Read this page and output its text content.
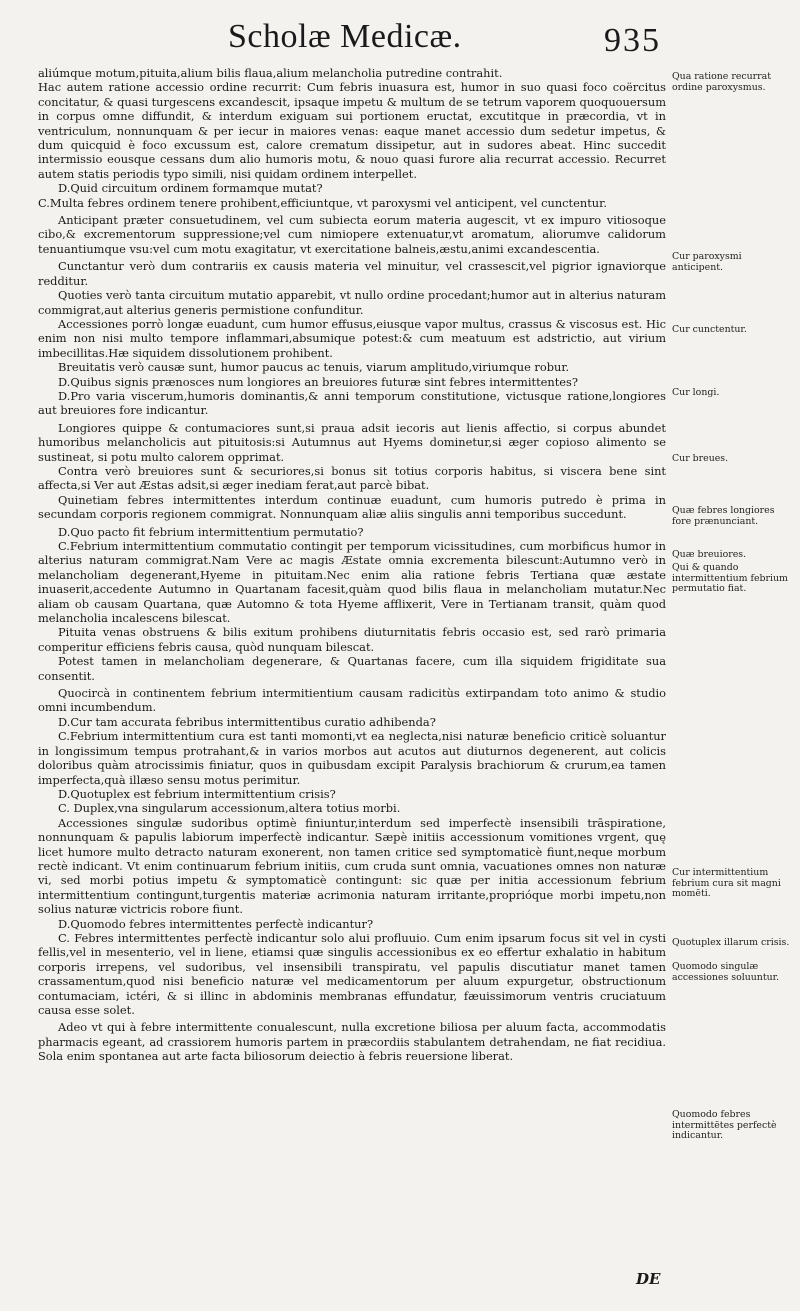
Scholæ Medicæ.	935

aliúmque motum,pituita,alium bilis flaua,alium melancholia putredine contrahit.

Hac autem ratione accessio ordine recurrit: Cum febris inuasura est, humor in suo quasi foco coërcitus concitatur, & quasi turgescens excandescit, ipsaque impetu & multum de se tetrum vaporem quoquouersum in corpus omne diffundit, & interdum exiguam sui portionem eructat, excutitque in præcordia, vt in ventriculum, nonnunquam & per iecur in maiores venas: eaque manet accessio dum sedetur impetus, & dum quicquid è foco excussum est, calore crematum dissipetur, aut in sudores abeat. Hinc succedit intermissio eousque cessans dum alio humoris motu, & nouo quasi furore alia recurrat accessio. Recurret autem statis periodis typo simili, nisi quidam ordinem interpellet.

D.Quid circuitum ordinem formamque mutat?

C.Multa febres ordinem tenere prohibent,efficiuntque, vt paroxysmi vel anticipent, vel cunctentur.

Anticipant præter consuetudinem, vel cum subiecta eorum materia augescit, vt ex impuro vitiosoque cibo,& excrementorum suppressione;vel cum nimiopere extenuatur,vt aromatum, aliorumve calidorum tenuantiumque vsu:vel cum motu exagitatur, vt exercitatione balneis,æstu,animi excandescentia.

Cunctantur verò dum contrariis ex causis materia vel minuitur, vel crassescit,vel pigrior ignaviorque redditur.

Quoties verò tanta circuitum mutatio apparebit, vt nullo ordine procedant;humor aut in alterius naturam commigrat,aut alterius generis permistione confunditur.

Accessiones porrò longæ euadunt, cum humor effusus,eiusque vapor multus, crassus & viscosus est. Hic enim non nisi multo tempore inflammari,absumique potest:& cum meatuum est adstrictio, aut virium imbecillitas.Hæ siquidem dissolutionem prohibent.

Breuitatis verò causæ sunt, humor paucus ac tenuis, viarum amplitudo,viriumque robur.

D.Quibus signis prænosces num longiores an breuiores futuræ sint febres intermittentes?

D.Pro varia viscerum,humoris dominantis,& anni temporum constitutione, victusque ratione,longiores aut breuiores fore indicantur.

Longiores quippe & contumaciores sunt,si praua adsit iecoris aut lienis affectio, si corpus abundet humoribus melancholicis aut pituitosis:si Autumnus aut Hyems dominetur,si æger copioso alimento se sustineat, si potu multo calorem opprimat.

Contra verò breuiores sunt & securiores,si bonus sit totius corporis habitus, si viscera bene sint affecta,si Ver aut Æstas adsit,si æger inediam ferat,aut parcè bibat.

Quinetiam febres intermittentes interdum continuæ euadunt, cum humoris putredo è prima in secundam corporis regionem commigrat. Nonnunquam aliæ aliis singulis anni temporibus succedunt.

D.Quo pacto fit febrium intermittentium permutatio?

C.Febrium intermittentium commutatio contingit per temporum vicissitudines, cum morbificus humor in alterius naturam commigrat.Nam Vere ac magis Æstate omnia excrementa bilescunt:Autumno verò in melancholiam degenerant,Hyeme in pituitam.Nec enim alia ratione febris Tertiana quæ æstate inuaserit,accedente Autumno in Quartanam facesit,quàm quod bilis flaua in melancholiam mutatur.Nec aliam ob causam Quartana, quæ Automno & tota Hyeme afflixerit, Vere in Tertianam transit, quàm quod melancholia incalescens bilescat.

Pituita venas obstruens & bilis exitum prohibens diuturnitatis febris occasio est, sed rarò primaria comperitur efficiens febris causa, quòd nunquam bilescat.

Potest tamen in melancholiam degenerare, & Quartanas facere, cum illa siquidem frigiditate sua consentit.

Quocircà in continentem febrium intermitientium causam radicitùs extirpandam toto animo & studio omni incumbendum.

D.Cur tam accurata febribus intermittentibus curatio adhibenda?

C.Febrium intermittentium cura est tanti momonti,vt ea neglecta,nisi naturæ beneficio criticè soluantur in longissimum tempus protrahant,& in varios morbos aut acutos aut diuturnos degenerent, aut colicis doloribus quàm atrocissimis finiatur, quos in quibusdam excipit Paralysis brachiorum & crurum,ea tamen imperfecta,quà illæso sensu motus perimitur.

D.Quotuplex est febrium intermittentium crisis?

C. Duplex,vna singularum accessionum,altera totius morbi.

Accessiones singulæ sudoribus optimè finiuntur,interdum sed imperfectè insensibili trāspiratione, nonnunquam & papulis labiorum imperfectè indicantur. Sæpè initiis accessionum vomitiones vrgent, quę licet humore multo detracto naturam exonerent, non tamen critice sed symptomaticè fiunt,neque morbum rectè indicant. Vt enim continuarum febrium initiis, cum cruda sunt omnia, vacuationes omnes non naturæ vi, sed morbi potius impetu & symptomaticè contingunt: sic quæ per initia accessionum febrium intermittentium contingunt,turgentis materiæ acrimonia naturam irritante,proprióque morbi impetu,non solius naturæ victricis robore fiunt.

D.Quomodo febres intermittentes perfectè indicantur?

C. Febres intermittentes perfectè indicantur solo alui profluuio. Cum enim ipsarum focus sit vel in cysti fellis,vel in mesenterio, vel in liene, etiamsi quæ singulis accessionibus ex eo effertur exhalatio in habitum corporis irrepens, vel sudoribus, vel insensibili transpiratu, vel papulis discutiatur manet tamen crassamentum,quod nisi beneficio naturæ vel medicamentorum per aluum expurgetur, obstructionum contumaciam, ictéri, & si illinc in abdominis membranas effundatur, fæuissimorum ventris cruciatuum causa esse solet.

Adeo vt qui à febre intermittente conualescunt, nulla excretione biliosa per aluum facta, accommodatis pharmacis egeant, ad crassiorem humoris partem in præcordiis stabulantem detrahendam, ne fiat recidiua. Sola enim spontanea aut arte facta biliosorum deiectio à febris reuersione liberat.

Qua ratione recurrat ordine paroxysmus.
Cur paroxysmi anticipent.
Cur cunctentur.
Cur longi.
Cur breues.
Quæ febres longiores fore prænunciant.
Quæ breuiores.
Qui & quando intermittentium febrium permutatio fiat.
Cur intermittentium febrium cura sit magni momēti.
Quotuplex illarum crisis.
Quomodo singulæ accessiones soluuntur.
Quomodo febres intermittētes perfectè indicantur.
DE
